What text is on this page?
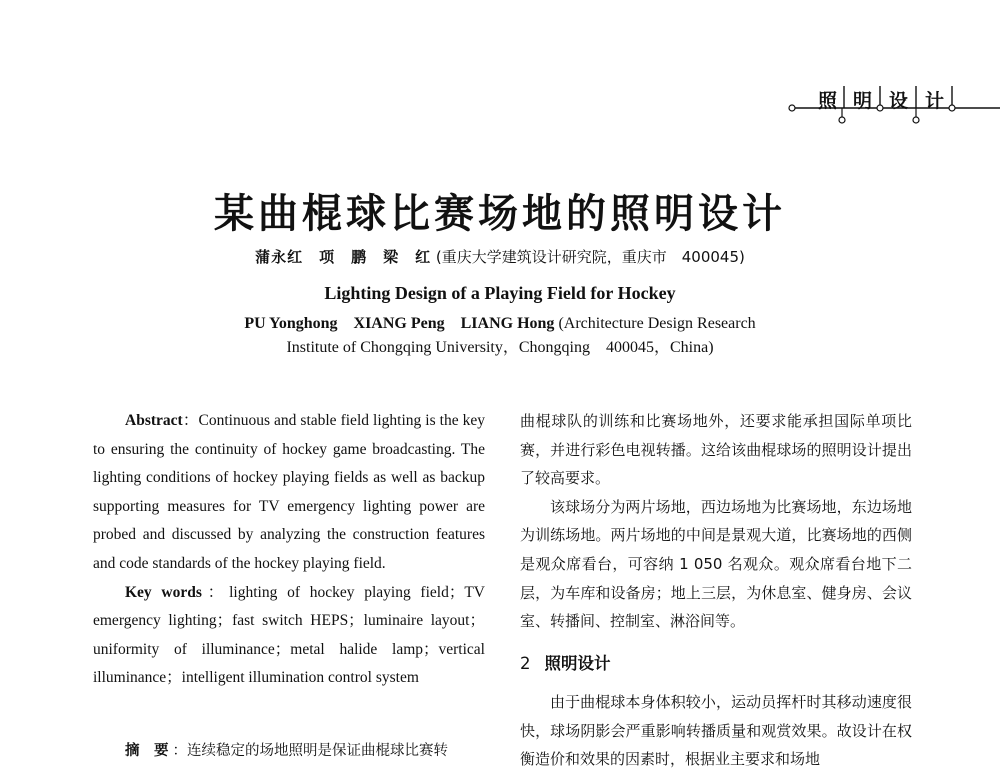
照 明 设 计
某曲棍球比赛场地的照明设计
蒲永红　项　鹏　梁　红 (重庆大学建筑设计研究院，重庆市　400045)
Lighting Design of a Playing Field for Hockey
PU Yonghong　XIANG Peng　LIANG Hong (Architecture Design Research
Institute of Chongqing University，Chongqing　400045，China)

Abstract：Continuous and stable field lighting is the key to ensuring the continuity of hockey game broadcasting. The lighting conditions of hockey playing fields as well as backup supporting measures for TV emergency lighting power are probed and discussed by analyzing the construction features and code standards of the hockey playing field.

Key words：lighting of hockey playing field；TV emergency lighting；fast switch HEPS；luminaire layout；uniformity of illuminance；metal halide lamp；vertical illuminance；intelligent illumination control system

摘　要 ：连续稳定的场地照明是保证曲棍球比赛转

曲棍球队的训练和比赛场地外，还要求能承担国际单项比赛，并进行彩色电视转播。这给该曲棍球场的照明设计提出了较高要求。

该球场分为两片场地，西边场地为比赛场地，东边场地为训练场地。两片场地的中间是景观大道，比赛场地的西侧是观众席看台，可容纳 1 050 名观众。观众席看台地下二层，为车库和设备房；地上三层，为休息室、健身房、会议室、转播间、控制室、淋浴间等。

2 照明设计

由于曲棍球本身体积较小，运动员挥杆时其移动速度很快，球场阴影会严重影响转播质量和观赏效果。故设计在权衡造价和效果的因素时，根据业主要求和场地
